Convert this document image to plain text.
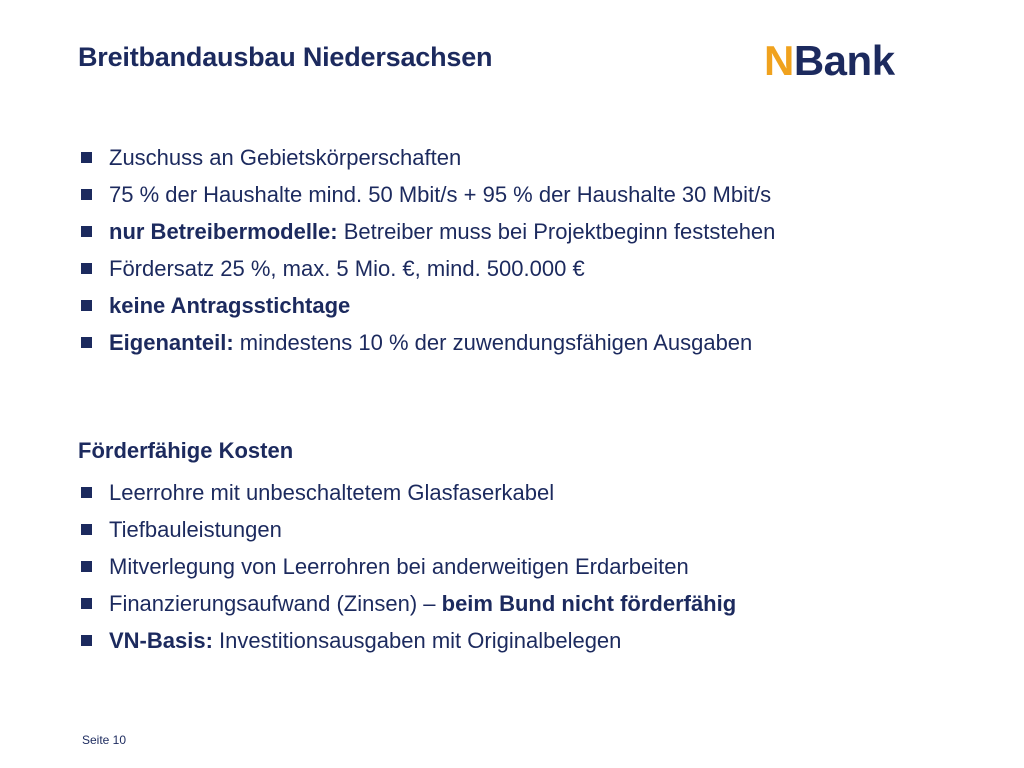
Breitbandausbau Niedersachsen	N Bank
Zuschuss an Gebietskörperschaften
75 % der Haushalte mind. 50 Mbit/s + 95 % der Haushalte 30 Mbit/s
nur Betreibermodelle: Betreiber muss bei Projektbeginn feststehen
Fördersatz 25 %, max. 5 Mio. €, mind. 500.000 €
keine Antragsstichtage
Eigenanteil: mindestens 10 % der zuwendungsfähigen Ausgaben
Förderfähige Kosten
Leerrohre mit unbeschaltetem Glasfaserkabel
Tiefbauleistungen
Mitverlegung von Leerrohren bei anderweitigen Erdarbeiten
Finanzierungsaufwand (Zinsen) – beim Bund nicht förderfähig
VN-Basis: Investitionsausgaben mit Originalbelegen
Seite 10
